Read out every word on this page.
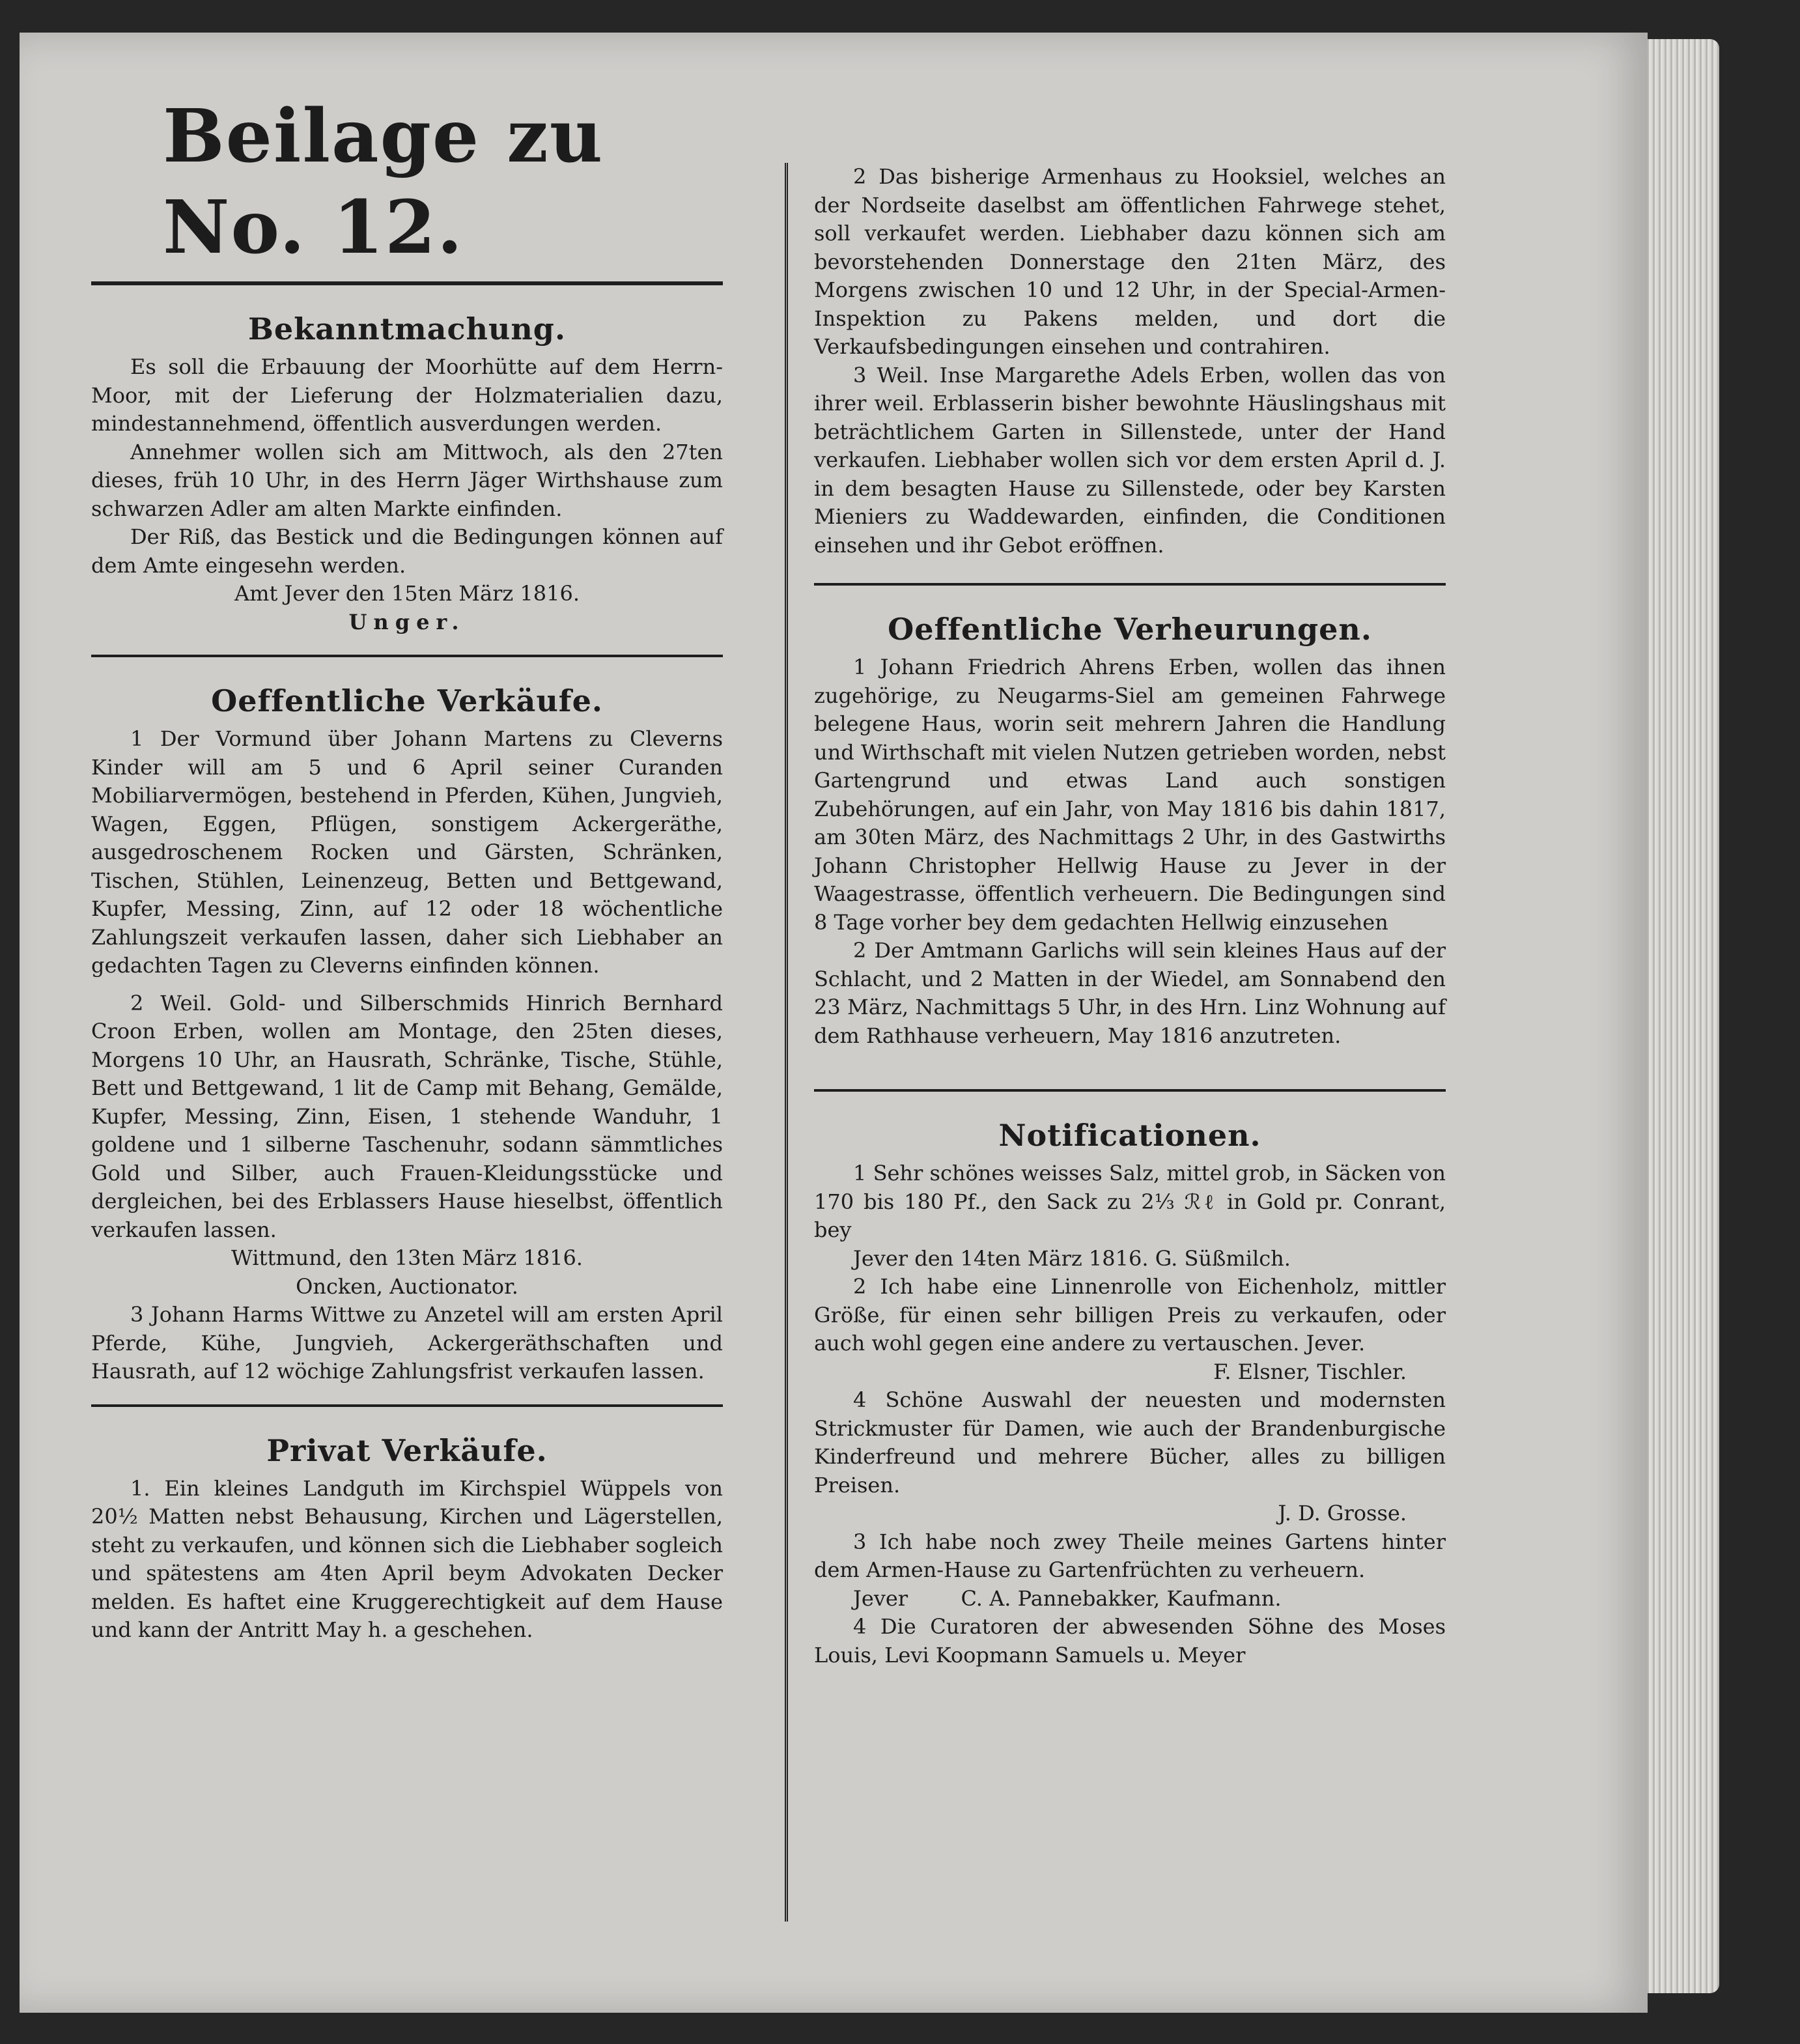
Beilage zu No. 12.
Bekanntmachung.

Es soll die Erbauung der Moorhütte auf dem Herrn-Moor, mit der Lieferung der Holzmaterialien dazu, mindestannehmend, öffentlich ausverdungen werden.

Annehmer wollen sich am Mittwoch, als den 27ten dieses, früh 10 Uhr, in des Herrn Jäger Wirthshause zum schwarzen Adler am alten Markte einfinden.

Der Riß, das Bestick und die Bedingungen können auf dem Amte eingesehn werden.

Amt Jever den 15ten März 1816.

Unger.

Oeffentliche Verkäufe.

1 Der Vormund über Johann Martens zu Cleverns Kinder will am 5 und 6 April seiner Curanden Mobiliarvermögen, bestehend in Pferden, Kühen, Jungvieh, Wagen, Eggen, Pflügen, sonstigem Ackergeräthe, ausgedroschenem Rocken und Gärsten, Schränken, Tischen, Stühlen, Leinenzeug, Betten und Bettgewand, Kupfer, Messing, Zinn, auf 12 oder 18 wöchentliche Zahlungszeit verkaufen lassen, daher sich Liebhaber an gedachten Tagen zu Cleverns einfinden können.

2 Weil. Gold- und Silberschmids Hinrich Bernhard Croon Erben, wollen am Montage, den 25ten dieses, Morgens 10 Uhr, an Hausrath, Schränke, Tische, Stühle, Bett und Bettgewand, 1 lit de Camp mit Behang, Gemälde, Kupfer, Messing, Zinn, Eisen, 1 stehende Wanduhr, 1 goldene und 1 silberne Taschenuhr, sodann sämmtliches Gold und Silber, auch Frauen-Kleidungsstücke und dergleichen, bei des Erblassers Hause hieselbst, öffentlich verkaufen lassen.

Wittmund, den 13ten März 1816.

Oncken, Auctionator.

3 Johann Harms Wittwe zu Anzetel will am ersten April Pferde, Kühe, Jungvieh, Ackergeräthschaften und Hausrath, auf 12 wöchige Zahlungsfrist verkaufen lassen.

Privat Verkäufe.

1. Ein kleines Landguth im Kirchspiel Wüppels von 20½ Matten nebst Behausung, Kirchen und Lägerstellen, steht zu verkaufen, und können sich die Liebhaber sogleich und spätestens am 4ten April beym Advokaten Decker melden. Es haftet eine Kruggerechtigkeit auf dem Hause und kann der Antritt May h. a geschehen.

2 Das bisherige Armenhaus zu Hooksiel, welches an der Nordseite daselbst am öffentlichen Fahrwege stehet, soll verkaufet werden. Liebhaber dazu können sich am bevorstehenden Donnerstage den 21ten März, des Morgens zwischen 10 und 12 Uhr, in der Special-Armen-Inspektion zu Pakens melden, und dort die Verkaufsbedingungen einsehen und contrahiren.

3 Weil. Inse Margarethe Adels Erben, wollen das von ihrer weil. Erblasserin bisher bewohnte Häuslingshaus mit beträchtlichem Garten in Sillenstede, unter der Hand verkaufen. Liebhaber wollen sich vor dem ersten April d. J. in dem besagten Hause zu Sillenstede, oder bey Karsten Mieniers zu Waddewarden, einfinden, die Conditionen einsehen und ihr Gebot eröffnen.

Oeffentliche Verheurungen.

1 Johann Friedrich Ahrens Erben, wollen das ihnen zugehörige, zu Neugarms-Siel am gemeinen Fahrwege belegene Haus, worin seit mehrern Jahren die Handlung und Wirthschaft mit vielen Nutzen getrieben worden, nebst Gartengrund und etwas Land auch sonstigen Zubehörungen, auf ein Jahr, von May 1816 bis dahin 1817, am 30ten März, des Nachmittags 2 Uhr, in des Gastwirths Johann Christopher Hellwig Hause zu Jever in der Waagestrasse, öffentlich verheuern. Die Bedingungen sind 8 Tage vorher bey dem gedachten Hellwig einzusehen

2 Der Amtmann Garlichs will sein kleines Haus auf der Schlacht, und 2 Matten in der Wiedel, am Sonnabend den 23 März, Nachmittags 5 Uhr, in des Hrn. Linz Wohnung auf dem Rathhause verheuern, May 1816 anzutreten.

Notificationen.

1 Sehr schönes weisses Salz, mittel grob, in Säcken von 170 bis 180 Pf., den Sack zu 2⅓ ℛℓ in Gold pr. Conrant, bey

Jever den 14ten März 1816. G. Süßmilch.

2 Ich habe eine Linnenrolle von Eichenholz, mittler Größe, für einen sehr billigen Preis zu verkaufen, oder auch wohl gegen eine andere zu vertauschen. Jever.

F. Elsner, Tischler.

4 Schöne Auswahl der neuesten und modernsten Strickmuster für Damen, wie auch der Brandenburgische Kinderfreund und mehrere Bücher, alles zu billigen Preisen.

J. D. Grosse.

3 Ich habe noch zwey Theile meines Gartens hinter dem Armen-Hause zu Gartenfrüchten zu verheuern.

Jever        C. A. Pannebakker, Kaufmann.

4 Die Curatoren der abwesenden Söhne des Moses Louis, Levi Koopmann Samuels u. Meyer
